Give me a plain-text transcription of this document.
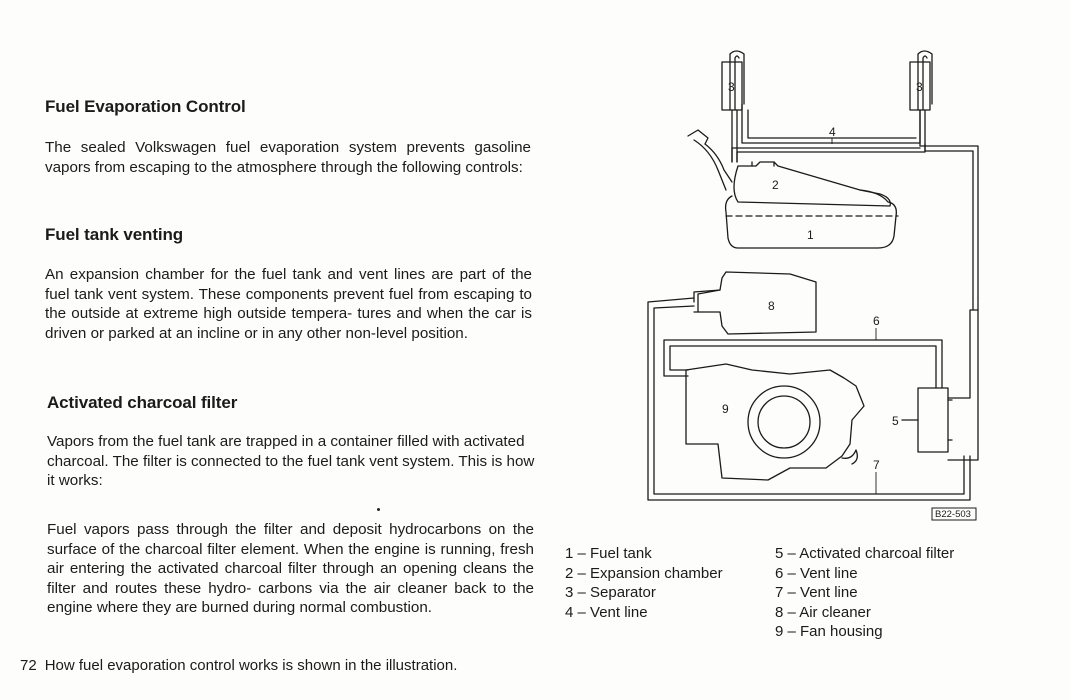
Fuel Evaporation Control

The sealed Volkswagen fuel evaporation system prevents gasoline vapors from escaping to the atmosphere through the following controls:

Fuel tank venting

An expansion chamber for the fuel tank and vent lines are part of the fuel tank vent system. These components prevent fuel from escaping to the outside at extreme high outside tempera- tures and when the car is driven or parked at an incline or in any other non-level position.

Activated charcoal filter

Vapors from the fuel tank are trapped in a container filled with activated charcoal. The filter is connected to the fuel tank vent system. This is how it works:

Fuel vapors pass through the filter and deposit hydrocarbons on the surface of the charcoal filter element. When the engine is running, fresh air entering the activated charcoal filter through an opening cleans the filter and routes these hydro- carbons via the air cleaner back to the engine where they are burned during normal combustion.

72 How fuel evaporation control works is shown in the illustration.
3	3
4
2
1
8
6
9
5
7
B22-503
1 – Fuel tank
2 – Expansion chamber
3 – Separator
4 – Vent line
5 – Activated charcoal filter
6 – Vent line
7 – Vent line
8 – Air cleaner
9 – Fan housing
